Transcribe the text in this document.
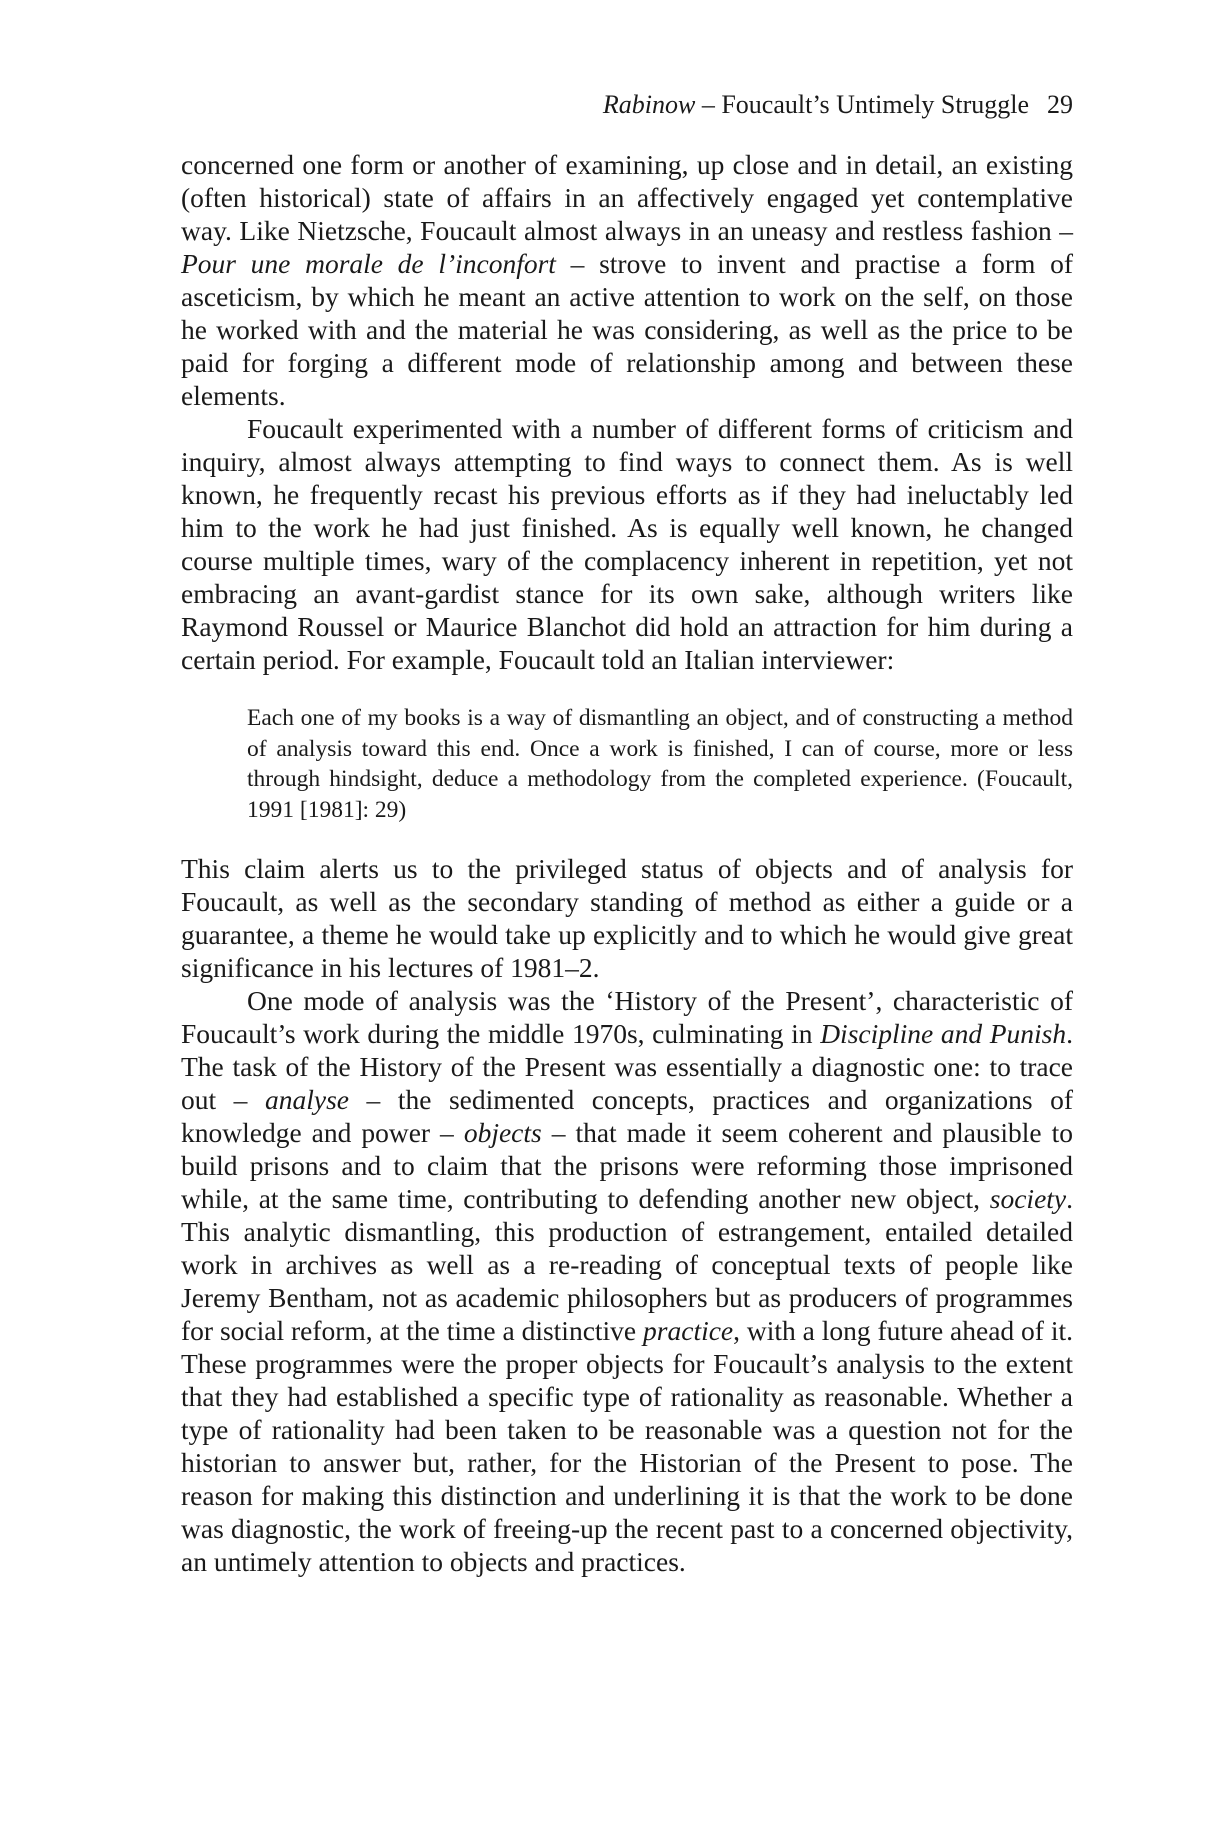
Rabinow – Foucault’s Untimely Struggle 29

concerned one form or another of examining, up close and in detail, an existing (often historical) state of affairs in an affectively engaged yet contemplative way. Like Nietzsche, Foucault almost always in an uneasy and restless fashion – Pour une morale de l’inconfort – strove to invent and practise a form of asceticism, by which he meant an active attention to work on the self, on those he worked with and the material he was considering, as well as the price to be paid for forging a different mode of relationship among and between these elements.

Foucault experimented with a number of different forms of criticism and inquiry, almost always attempting to find ways to connect them. As is well known, he frequently recast his previous efforts as if they had ineluctably led him to the work he had just finished. As is equally well known, he changed course multiple times, wary of the complacency inherent in repetition, yet not embracing an avant-gardist stance for its own sake, although writers like Raymond Roussel or Maurice Blanchot did hold an attraction for him during a certain period. For example, Foucault told an Italian interviewer:

Each one of my books is a way of dismantling an object, and of constructing a method of analysis toward this end. Once a work is finished, I can of course, more or less through hindsight, deduce a methodology from the completed experience. (Foucault, 1991 [1981]: 29)

This claim alerts us to the privileged status of objects and of analysis for Foucault, as well as the secondary standing of method as either a guide or a guarantee, a theme he would take up explicitly and to which he would give great significance in his lectures of 1981–2.

One mode of analysis was the ‘History of the Present’, characteristic of Foucault’s work during the middle 1970s, culminating in Discipline and Punish. The task of the History of the Present was essentially a diagnostic one: to trace out – analyse – the sedimented concepts, practices and organizations of knowledge and power – objects – that made it seem coherent and plausible to build prisons and to claim that the prisons were reforming those imprisoned while, at the same time, contributing to defending another new object, society. This analytic dismantling, this production of estrangement, entailed detailed work in archives as well as a re-reading of conceptual texts of people like Jeremy Bentham, not as academic philosophers but as producers of programmes for social reform, at the time a distinctive practice, with a long future ahead of it. These programmes were the proper objects for Foucault’s analysis to the extent that they had established a specific type of rationality as reasonable. Whether a type of rationality had been taken to be reasonable was a question not for the historian to answer but, rather, for the Historian of the Present to pose. The reason for making this distinction and underlining it is that the work to be done was diagnostic, the work of freeing-up the recent past to a concerned objectivity, an untimely attention to objects and practices.
